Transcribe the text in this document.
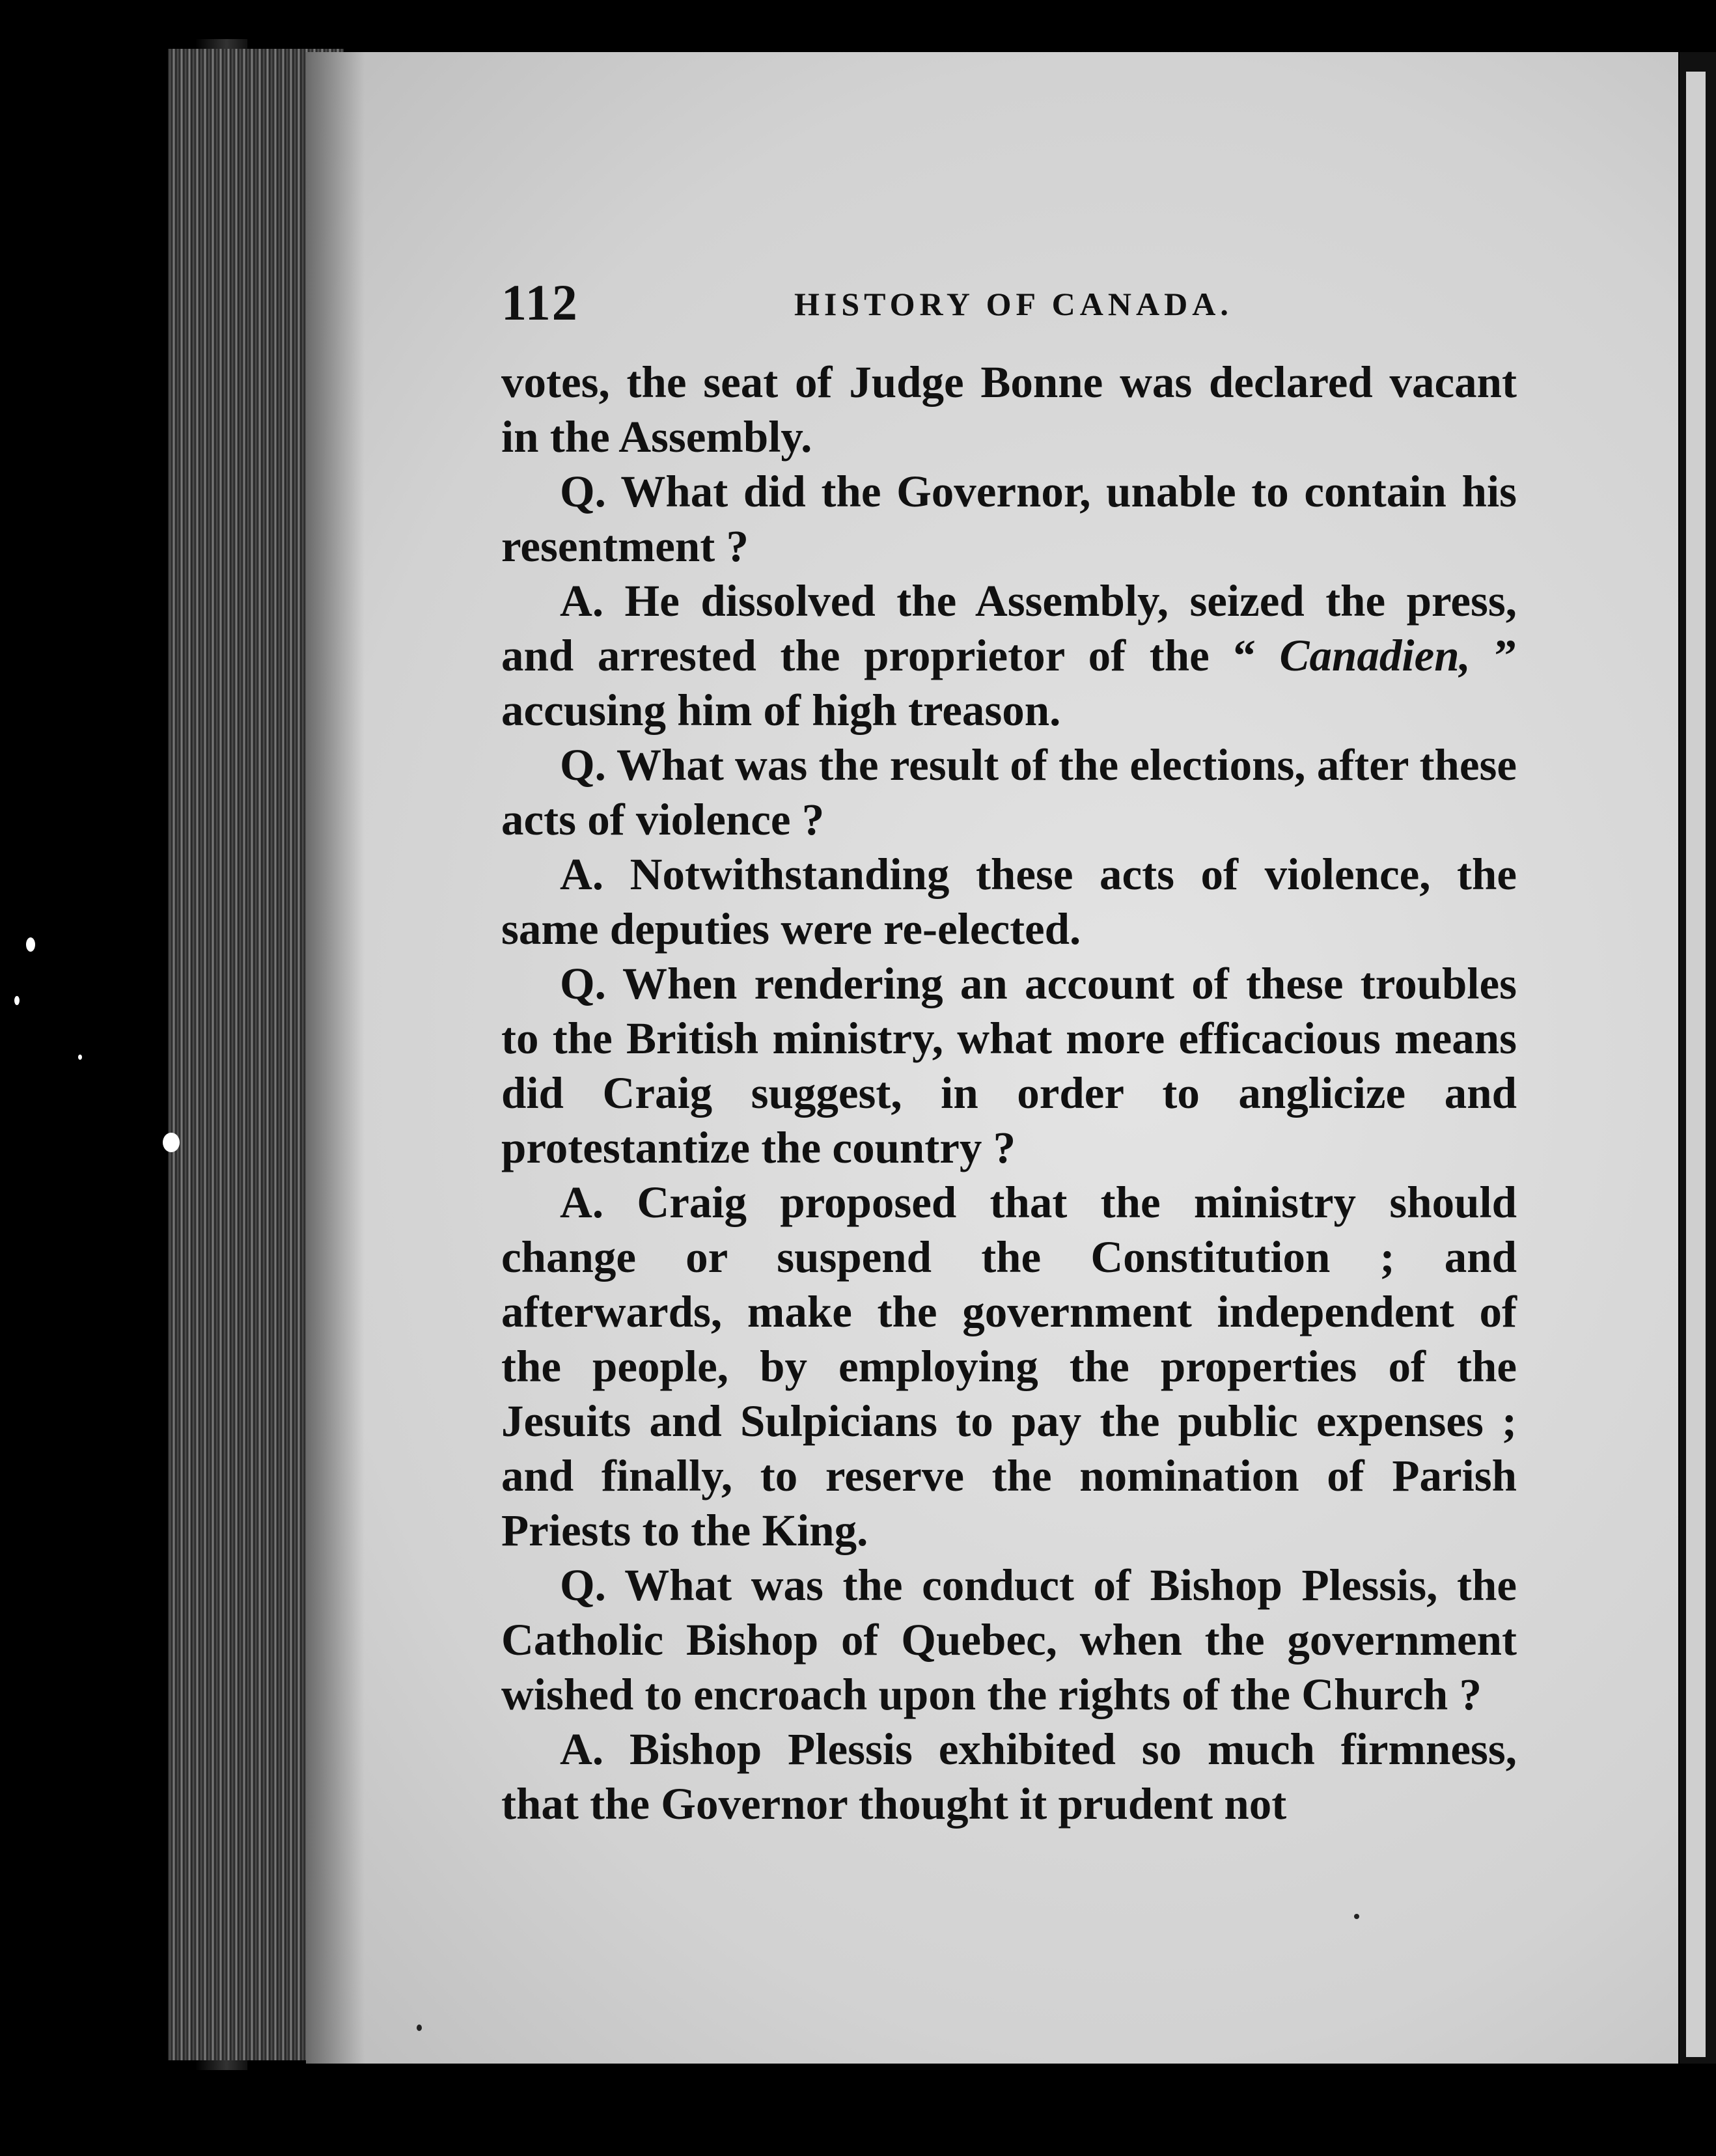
112	HISTORY OF CANADA.

votes, the seat of Judge Bonne was declared vacant in the Assembly.

Q. What did the Governor, unable to contain his resentment ?

A. He dissolved the Assembly, seized the press, and arrested the proprietor of the “ Canadien, ” accusing him of high treason.

Q. What was the result of the elections, after these acts of violence ?

A. Notwithstanding these acts of violence, the same deputies were re-elected.

Q. When rendering an account of these troubles to the British ministry, what more efficacious means did Craig suggest, in order to anglicize and protestantize the country ?

A. Craig proposed that the ministry should change or suspend the Constitution ; and afterwards, make the government independent of the people, by employing the properties of the Jesuits and Sulpicians to pay the public expenses ; and finally, to reserve the nomination of Parish Priests to the King.

Q. What was the conduct of Bishop Plessis, the Catholic Bishop of Quebec, when the government wished to encroach upon the rights of the Church ?

A. Bishop Plessis exhibited so much firmness, that the Governor thought it prudent not
